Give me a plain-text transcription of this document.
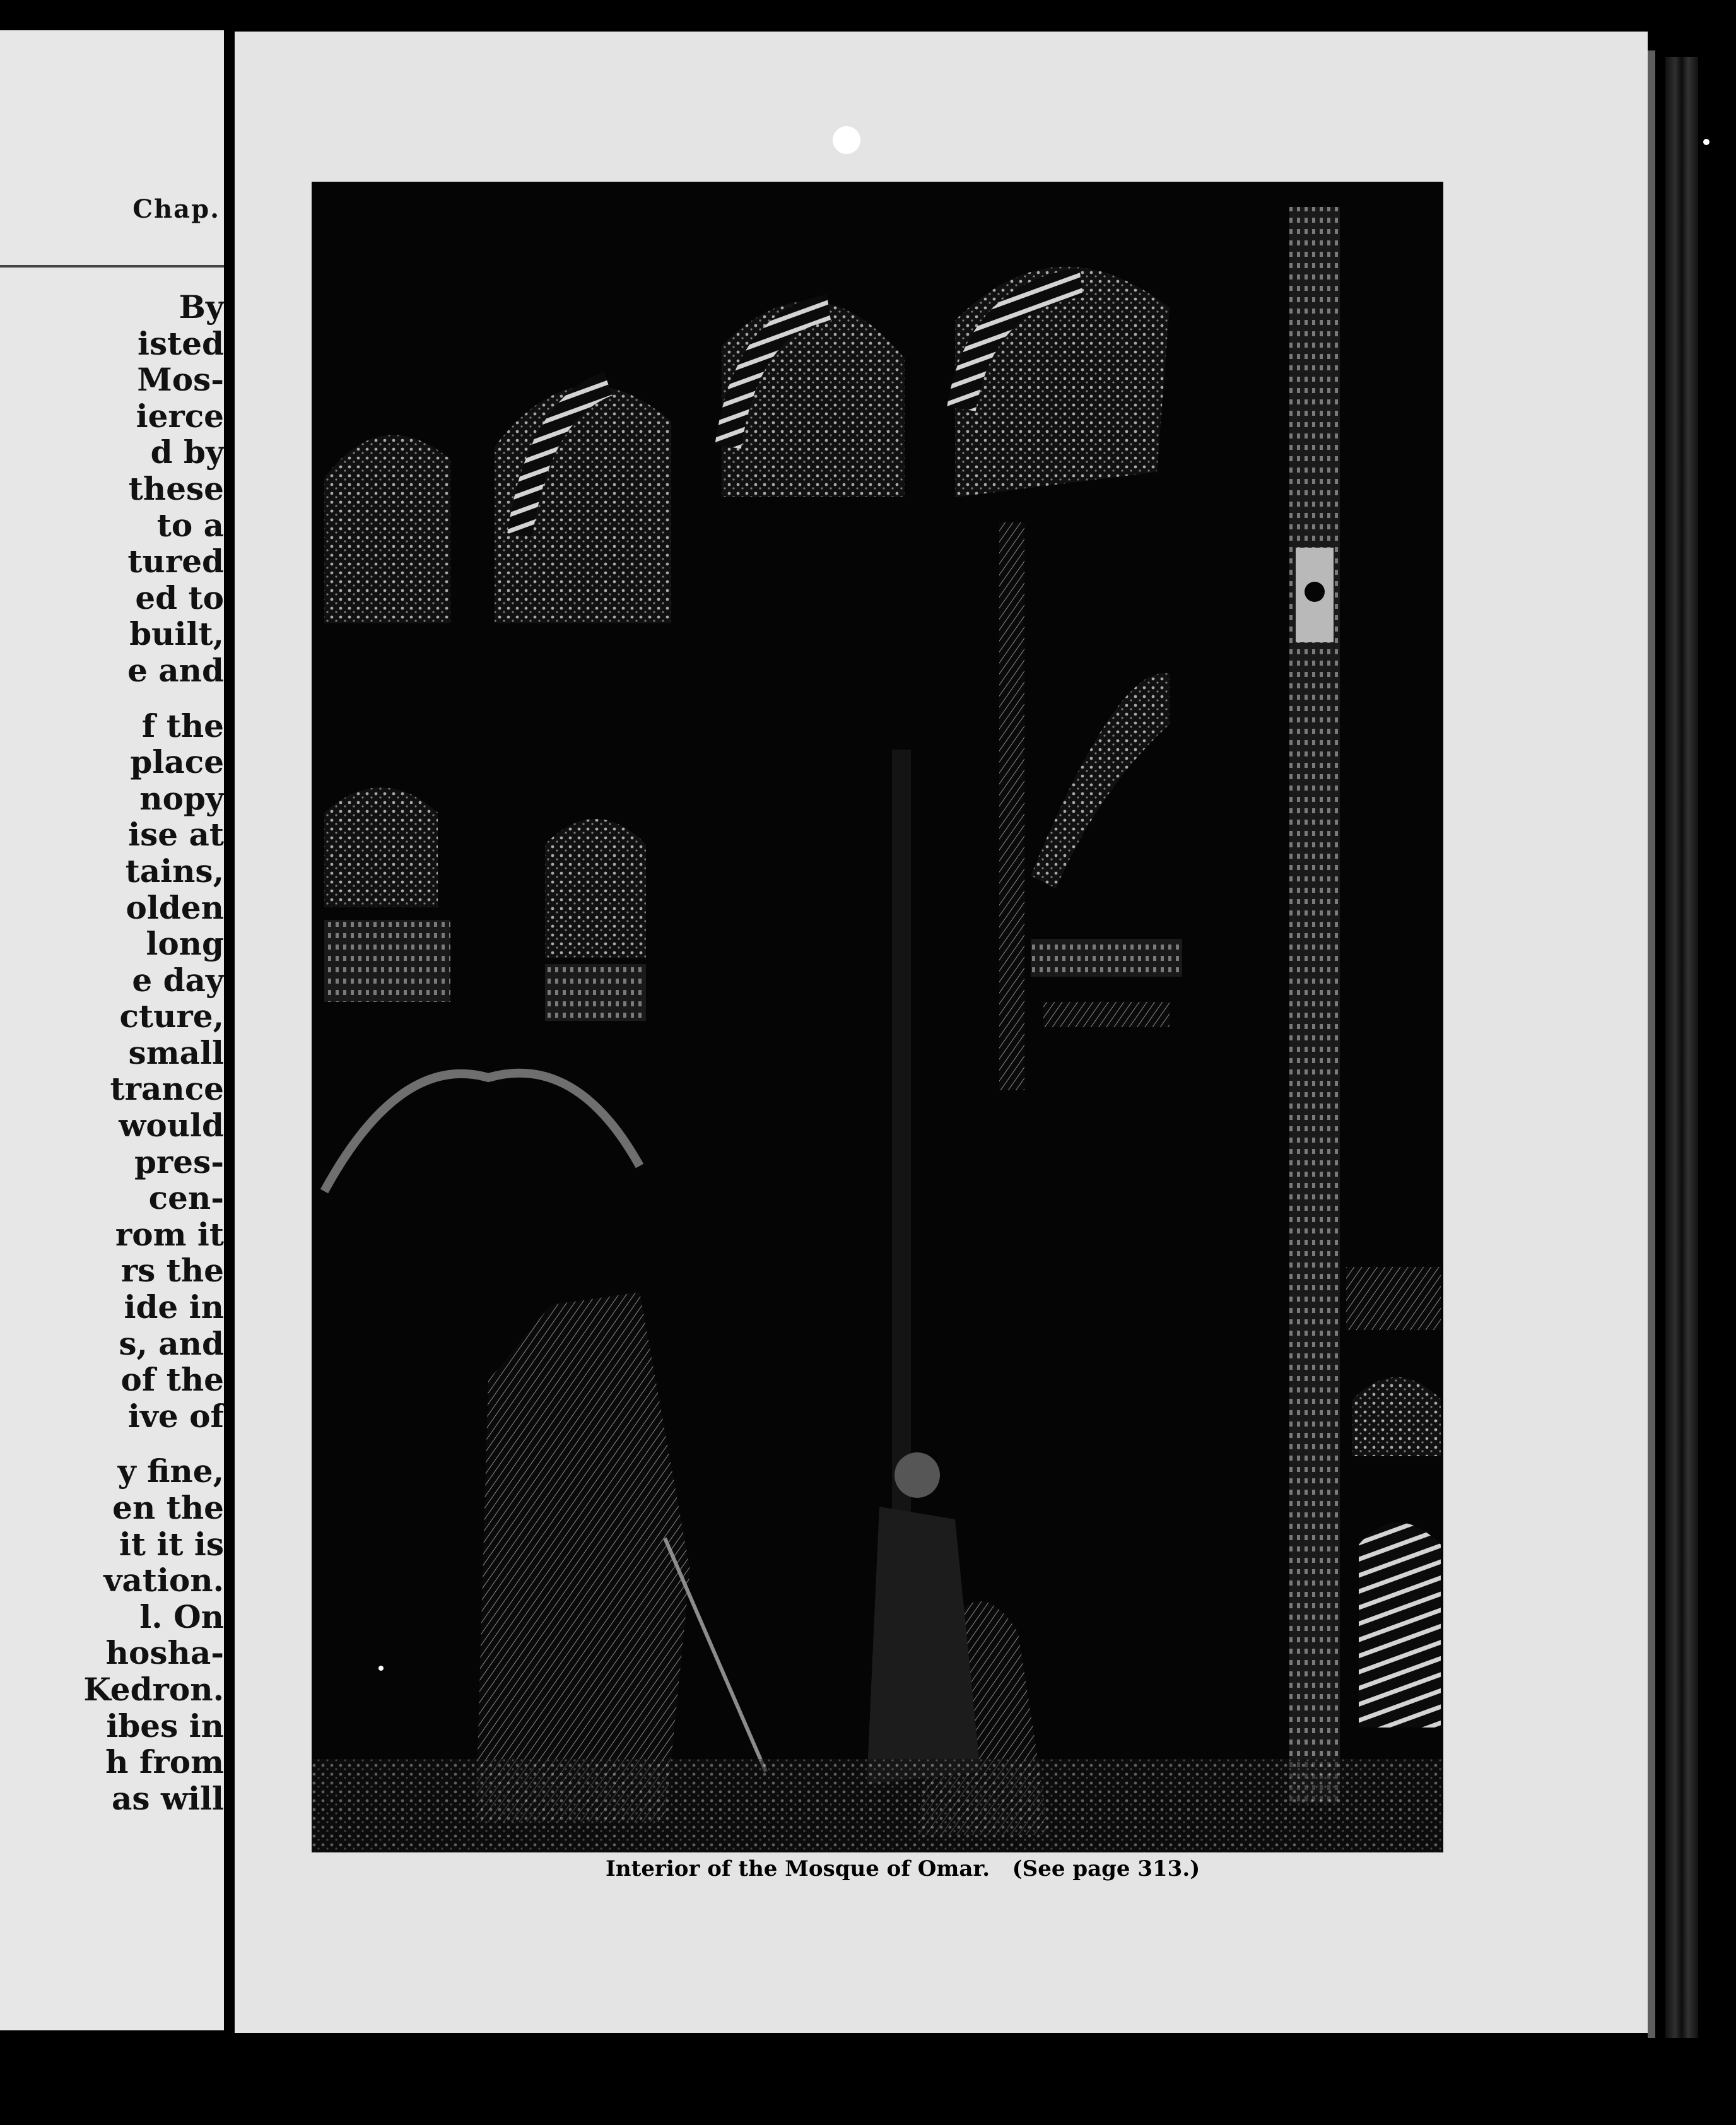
Chap.
By
isted
Mos-
ierce
d by
these
to a
tured
ed to
built,
e and
f the
place
nopy
ise at
tains,
olden
long
e day
cture,
small
trance
would
pres-
cen-
rom it
rs the
ide in
s, and
of the
ive of
y fine,
en the
it it is
vation.
l. On
hosha-
Kedron.
ibes in
h from
as will
Interior of the Mosque of Omar.   (See page 313.)
